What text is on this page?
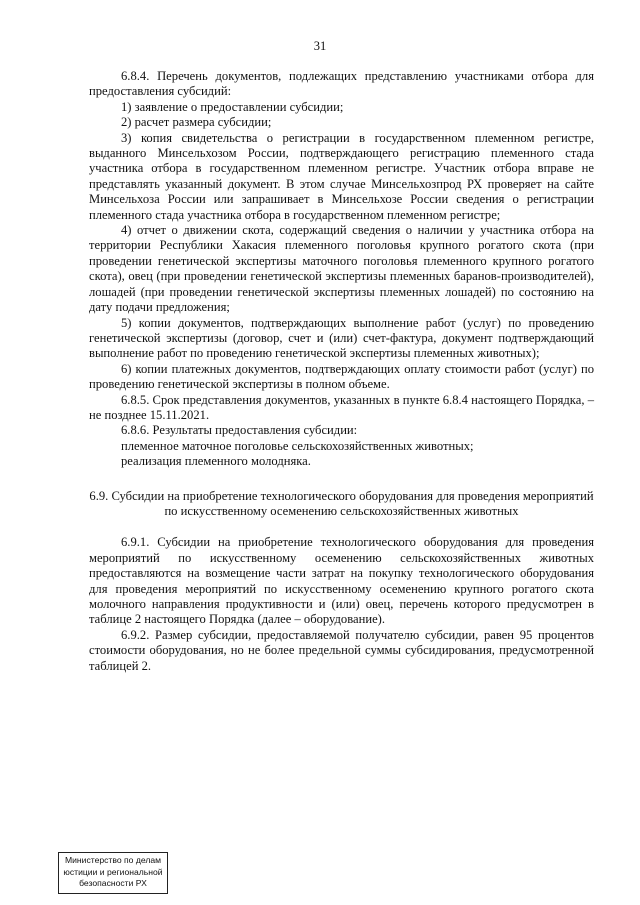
31

6.8.4. Перечень документов, подлежащих представлению участниками отбора для предоставления субсидий:

1) заявление о предоставлении субсидии;

2) расчет размера субсидии;

3) копия свидетельства о регистрации в государственном племенном регистре, выданного Минсельхозом России, подтверждающего регистрацию племенного стада участника отбора в государственном племенном регистре. Участник отбора вправе не представлять указанный документ. В этом случае Минсельхозпрод РХ проверяет на сайте Минсельхоза России или запрашивает в Минсельхозе России сведения о регистрации племенного стада участника отбора в государственном племенном регистре;

4) отчет о движении скота, содержащий сведения о наличии у участника отбора на территории Республики Хакасия племенного поголовья крупного рогатого скота (при проведении генетической экспертизы маточного поголовья племенного крупного рогатого скота), овец (при проведении генетической экспертизы племенных баранов-производителей), лошадей (при проведении генетической экспертизы племенных лошадей) по состоянию на дату подачи предложения;

5) копии документов, подтверждающих выполнение работ (услуг) по проведению генетической экспертизы (договор, счет и (или) счет-фактура, документ подтверждающий выполнение работ по проведению генетической экспертизы племенных животных);

6) копии платежных документов, подтверждающих оплату стоимости работ (услуг) по проведению генетической экспертизы в полном объеме.

6.8.5. Срок представления документов, указанных в пункте 6.8.4 настоящего Порядка, – не позднее 15.11.2021.

6.8.6. Результаты предоставления субсидии:

племенное маточное поголовье сельскохозяйственных животных;

реализация племенного молодняка.

6.9. Субсидии на приобретение технологического оборудования для проведения мероприятий по искусственному осеменению сельскохозяйственных животных

6.9.1. Субсидии на приобретение технологического оборудования для проведения мероприятий по искусственному осеменению сельскохозяйственных животных предоставляются на возмещение части затрат на покупку технологического оборудования для проведения мероприятий по искусственному осеменению крупного рогатого скота молочного направления продуктивности и (или) овец, перечень которого предусмотрен в таблице 2 настоящего Порядка (далее – оборудование).

6.9.2. Размер субсидии, предоставляемой получателю субсидии, равен 95 процентов стоимости оборудования, но не более предельной суммы субсидирования, предусмотренной таблицей 2.

Министерство по делам
юстиции и региональной
безопасности РХ
